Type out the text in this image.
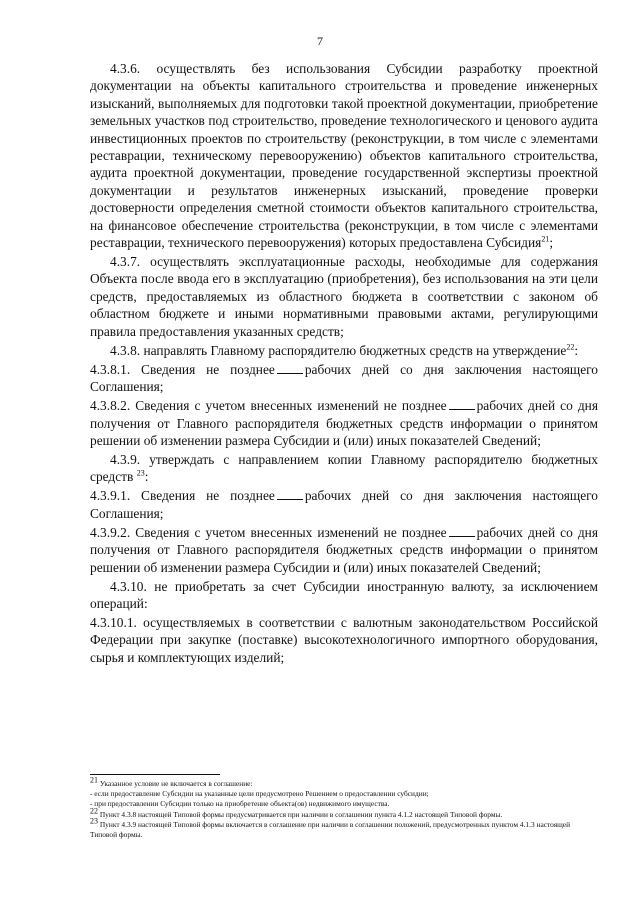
7

4.3.6. осуществлять без использования Субсидии разработку проектной документации на объекты капитального строительства и проведение инженерных изысканий, выполняемых для подготовки такой проектной документации, приобретение земельных участков под строительство, проведение технологического и ценового аудита инвестиционных проектов по строительству (реконструкции, в том числе с элементами реставрации, техническому перевооружению) объектов капитального строительства, аудита проектной документации, проведение государственной экспертизы проектной документации и результатов инженерных изысканий, проведение проверки достоверности определения сметной стоимости объектов капитального строительства, на финансовое обеспечение строительства (реконструкции, в том числе с элементами реставрации, технического перевооружения) которых предоставлена Субсидия$^{21}$;

4.3.7. осуществлять эксплуатационные расходы, необходимые для содержания Объекта после ввода его в эксплуатацию (приобретения), без использования на эти цели средств, предоставляемых из областного бюджета в соответствии с законом об областном бюджете и иными нормативными правовыми актами, регулирующими правила предоставления указанных средств;

4.3.8. направлять Главному распорядителю бюджетных средств на утверждение$^{22}$:

4.3.8.1. Сведения не позднее рабочих дней со дня заключения настоящего Соглашения;

4.3.8.2. Сведения с учетом внесенных изменений не позднее рабочих дней со дня получения от Главного распорядителя бюджетных средств информации о принятом решении об изменении размера Субсидии и (или) иных показателей Сведений;

4.3.9. утверждать с направлением копии Главному распорядителю бюджетных средств $^{23}$:

4.3.9.1. Сведения не позднее рабочих дней со дня заключения настоящего Соглашения;

4.3.9.2. Сведения с учетом внесенных изменений не позднее рабочих дней со дня получения от Главного распорядителя бюджетных средств информации о принятом решении об изменении размера Субсидии и (или) иных показателей Сведений;

4.3.10. не приобретать за счет Субсидии иностранную валюту, за исключением операций:

4.3.10.1. осуществляемых в соответствии с валютным законодательством Российской Федерации при закупке (поставке) высокотехнологичного импортного оборудования, сырья и комплектующих изделий;

$^{21}$ Указанное условие не включается в соглашение:
- если предоставление Субсидии на указанные цели предусмотрено Решением о предоставлении субсидии;
- при предоставлении Субсидии только на приобретение объекта(ов) недвижимого имущества.
$^{22}$ Пункт 4.3.8 настоящей Типовой формы предусматривается при наличии в соглашении пункта 4.1.2 настоящей Типовой формы.
$^{23}$ Пункт 4.3.9 настоящей Типовой формы включается в соглашение при наличии в соглашении положений, предусмотренных пунктом 4.1.3 настоящей Типовой формы.
